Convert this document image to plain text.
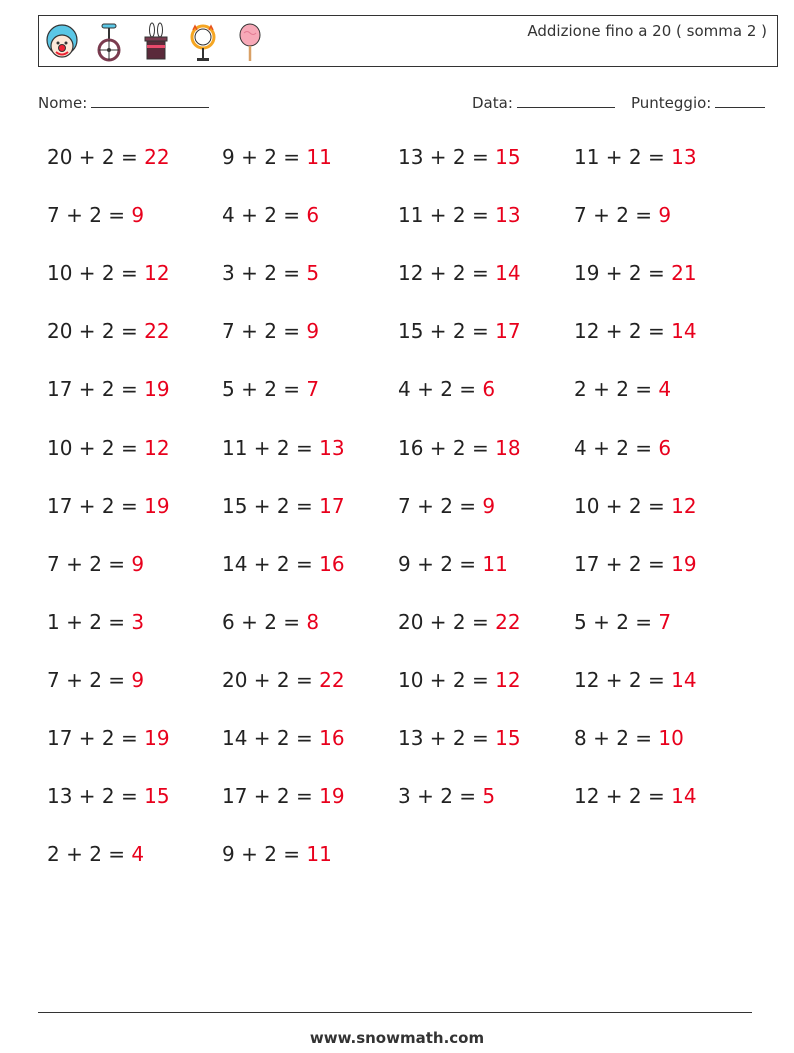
Addizione fino a 20 ( somma 2 )
Nome:	Data:	Punteggio:
20 + 2 = 22	9 + 2 = 11	13 + 2 = 15	11 + 2 = 13
7 + 2 = 9	4 + 2 = 6	11 + 2 = 13	7 + 2 = 9
10 + 2 = 12	3 + 2 = 5	12 + 2 = 14	19 + 2 = 21
20 + 2 = 22	7 + 2 = 9	15 + 2 = 17	12 + 2 = 14
17 + 2 = 19	5 + 2 = 7	4 + 2 = 6	2 + 2 = 4
10 + 2 = 12	11 + 2 = 13	16 + 2 = 18	4 + 2 = 6
17 + 2 = 19	15 + 2 = 17	7 + 2 = 9	10 + 2 = 12
7 + 2 = 9	14 + 2 = 16	9 + 2 = 11	17 + 2 = 19
1 + 2 = 3	6 + 2 = 8	20 + 2 = 22	5 + 2 = 7
7 + 2 = 9	20 + 2 = 22	10 + 2 = 12	12 + 2 = 14
17 + 2 = 19	14 + 2 = 16	13 + 2 = 15	8 + 2 = 10
13 + 2 = 15	17 + 2 = 19	3 + 2 = 5	12 + 2 = 14
2 + 2 = 4	9 + 2 = 11
www.snowmath.com
